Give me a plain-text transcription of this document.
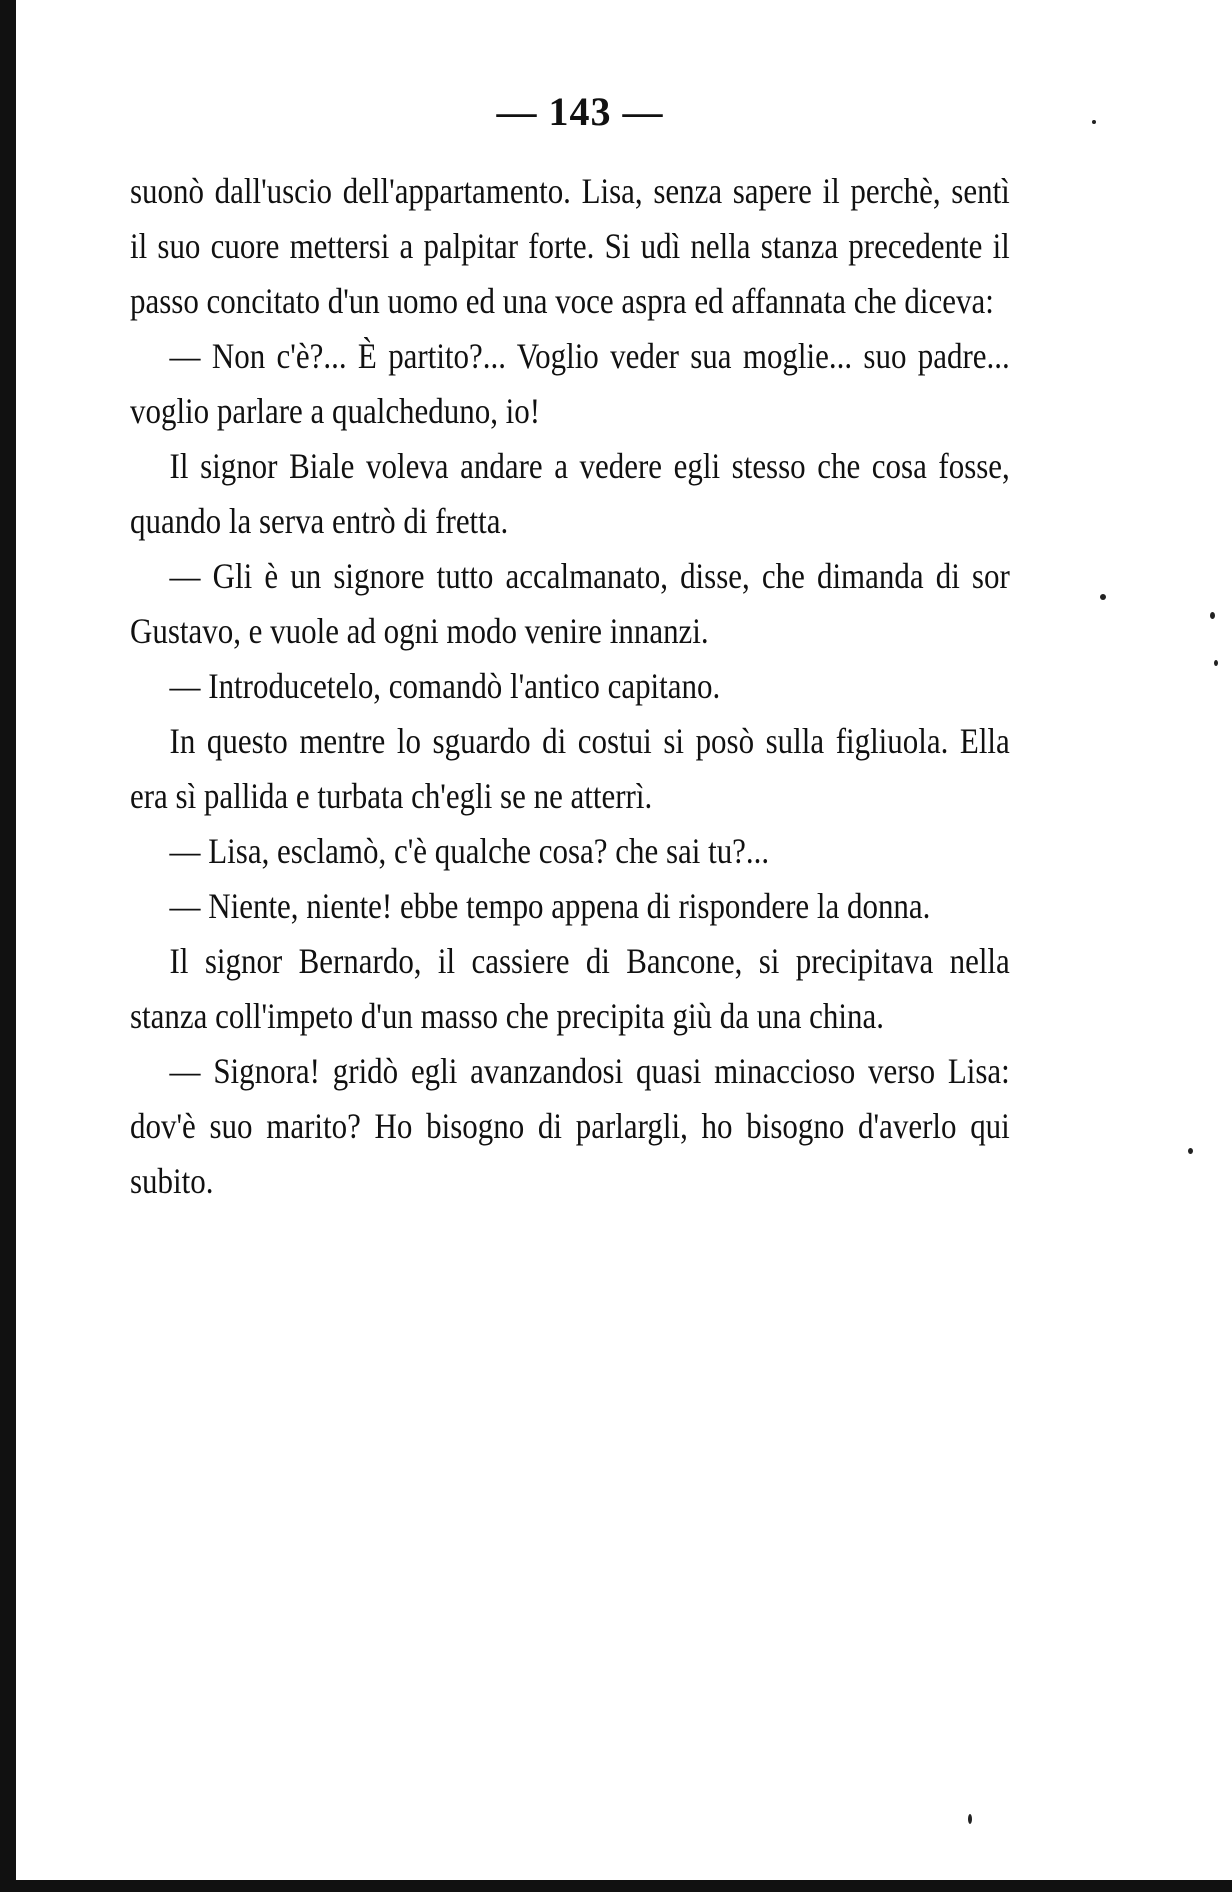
— 143 —

suonò dall'uscio dell'appartamento. Lisa, senza sapere il perchè, sentì il suo cuore mettersi a palpitar forte. Si udì nella stanza precedente il passo concitato d'un uomo ed una voce aspra ed affannata che diceva:

— Non c'è?... È partito?... Voglio veder sua moglie... suo padre... voglio parlare a qualcheduno, io!

Il signor Biale voleva andare a vedere egli stesso che cosa fosse, quando la serva entrò di fretta.

— Gli è un signore tutto accalmanato, disse, che dimanda di sor Gustavo, e vuole ad ogni modo venire innanzi.

— Introducetelo, comandò l'antico capitano.

In questo mentre lo sguardo di costui si posò sulla figliuola. Ella era sì pallida e turbata ch'egli se ne atterrì.

— Lisa, esclamò, c'è qualche cosa? che sai tu?...

— Niente, niente! ebbe tempo appena di rispondere la donna.

Il signor Bernardo, il cassiere di Bancone, si precipitava nella stanza coll'impeto d'un masso che precipita giù da una china.

— Signora! gridò egli avanzandosi quasi minaccioso verso Lisa: dov'è suo marito? Ho bisogno di parlargli, ho bisogno d'averlo qui subito.
